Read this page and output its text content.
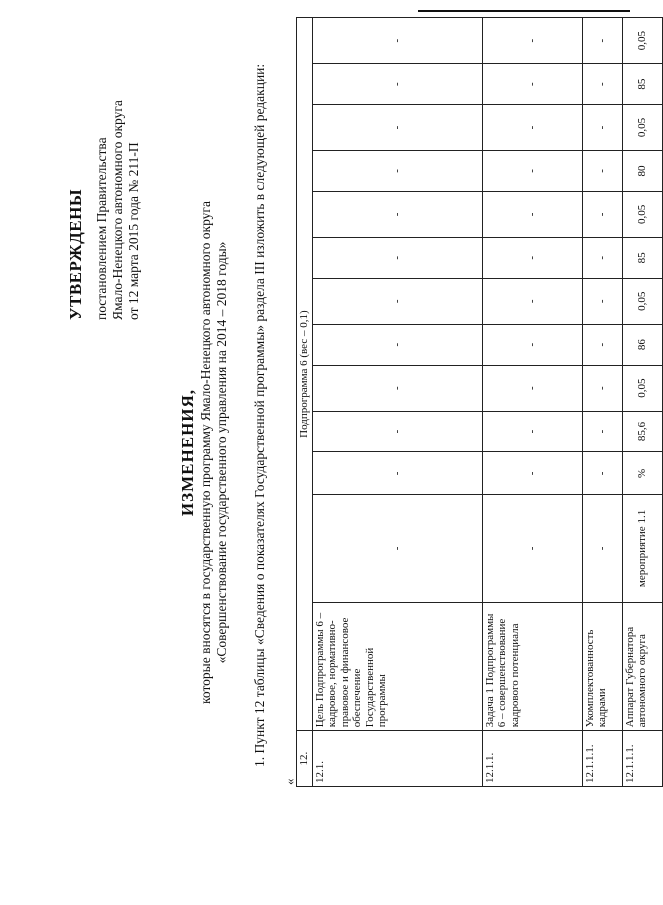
УТВЕРЖДЕНЫ постановлением Правительства Ямало-Ненецкого автономного округа от 12 марта 2015 года № 211-П
ИЗМЕНЕНИЯ, которые вносятся в государственную программу Ямало-Ненецкого автономного округа «Совершенствование государственного управления на 2014 – 2018 годы» 1. Пункт 12 таблицы «Сведения о показателях Государственной программы» раздела III изложить в следующей редакции:
«
12.	Подпрограмма 6 (вес – 0,1)												
12.1.	Цель Подпрограммы 6 – кадровое, нормативно-правовое и финансовое обеспечение Государственной программы	-	-	-	-	-	-	-	-	-	-	-	-
12.1.1.	Задача 1 Подпрограммы 6 – совершенствование кадрового потенциала	-	-	-	-	-	-	-	-	-	-	-	-
12.1.1.1.	Укомплектованность кадрами	-	-	-	-	-	-	-	-	-	-	-	-
12.1.1.1.	Аппарат Губернатора автономного округа	мероприятие 1.1	%	85,6	0,05	86	0,05	85	0,05	80	0,05	85	0,05
